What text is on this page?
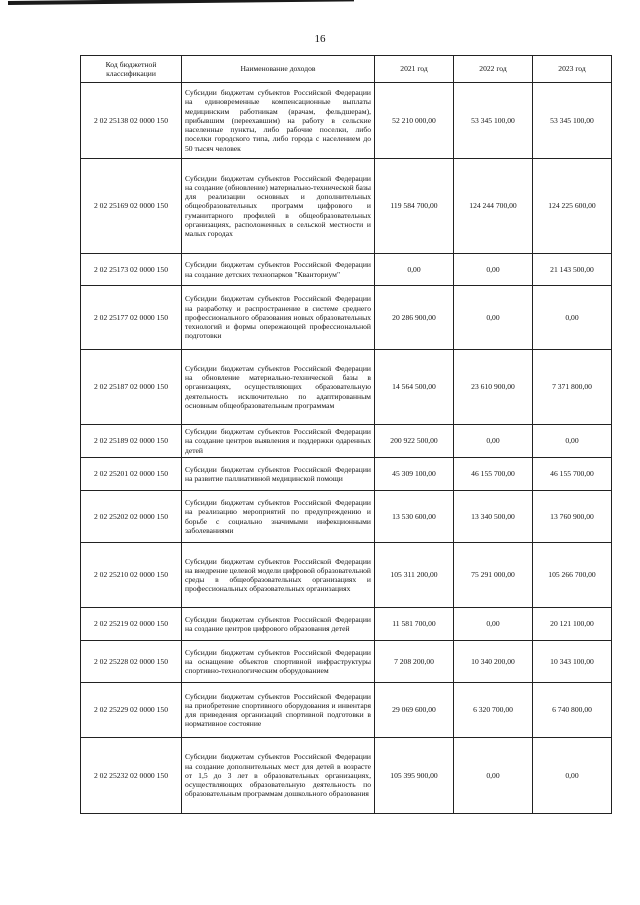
16
Код бюджетной классификации	Наименование доходов	2021 год	2022 год	2023 год
2 02 25138 02 0000 150	Субсидии бюджетам субъектов Российской Федерации на единовременные компенсационные выплаты медицинским работникам (врачам, фельдшерам), прибывшим (переехавшим) на работу в сельские населенные пункты, либо рабочие поселки, либо поселки городского типа, либо города с населением до 50 тысяч человек	52 210 000,00	53 345 100,00	53 345 100,00
2 02 25169 02 0000 150	Субсидии бюджетам субъектов Российской Федерации на создание (обновление) материально-технической базы для реализации основных и дополнительных общеобразовательных программ цифрового и гуманитарного профилей в общеобразовательных организациях, расположенных в сельской местности и малых городах	119 584 700,00	124 244 700,00	124 225 600,00
2 02 25173 02 0000 150	Субсидии бюджетам субъектов Российской Федерации на создание детских технопарков "Кванториум"	0,00	0,00	21 143 500,00
2 02 25177 02 0000 150	Субсидии бюджетам субъектов Российской Федерации на разработку и распространение в системе среднего профессионального образования новых образовательных технологий и формы опережающей профессиональной подготовки	20 286 900,00	0,00	0,00
2 02 25187 02 0000 150	Субсидии бюджетам субъектов Российской Федерации на обновление материально-технической базы в организациях, осуществляющих образовательную деятельность исключительно по адаптированным основным общеобразовательным программам	14 564 500,00	23 610 900,00	7 371 800,00
2 02 25189 02 0000 150	Субсидии бюджетам субъектов Российской Федерации на создание центров выявления и поддержки одаренных детей	200 922 500,00	0,00	0,00
2 02 25201 02 0000 150	Субсидии бюджетам субъектов Российской Федерации на развитие паллиативной медицинской помощи	45 309 100,00	46 155 700,00	46 155 700,00
2 02 25202 02 0000 150	Субсидии бюджетам субъектов Российской Федерации на реализацию мероприятий по предупреждению и борьбе с социально значимыми инфекционными заболеваниями	13 530 600,00	13 340 500,00	13 760 900,00
2 02 25210 02 0000 150	Субсидии бюджетам субъектов Российской Федерации на внедрение целевой модели цифровой образовательной среды в общеобразовательных организациях и профессиональных образовательных организациях	105 311 200,00	75 291 000,00	105 266 700,00
2 02 25219 02 0000 150	Субсидии бюджетам субъектов Российской Федерации на создание центров цифрового образования детей	11 581 700,00	0,00	20 121 100,00
2 02 25228 02 0000 150	Субсидии бюджетам субъектов Российской Федерации на оснащение объектов спортивной инфраструктуры спортивно-технологическим оборудованием	7 208 200,00	10 340 200,00	10 343 100,00
2 02 25229 02 0000 150	Субсидии бюджетам субъектов Российской Федерации на приобретение спортивного оборудования и инвентаря для приведения организаций спортивной подготовки в нормативное состояние	29 069 600,00	6 320 700,00	6 740 800,00
2 02 25232 02 0000 150	Субсидии бюджетам субъектов Российской Федерации на создание дополнительных мест для детей в возрасте от 1,5 до 3 лет в образовательных организациях, осуществляющих образовательную деятельность по образовательным программам дошкольного образования	105 395 900,00	0,00	0,00
